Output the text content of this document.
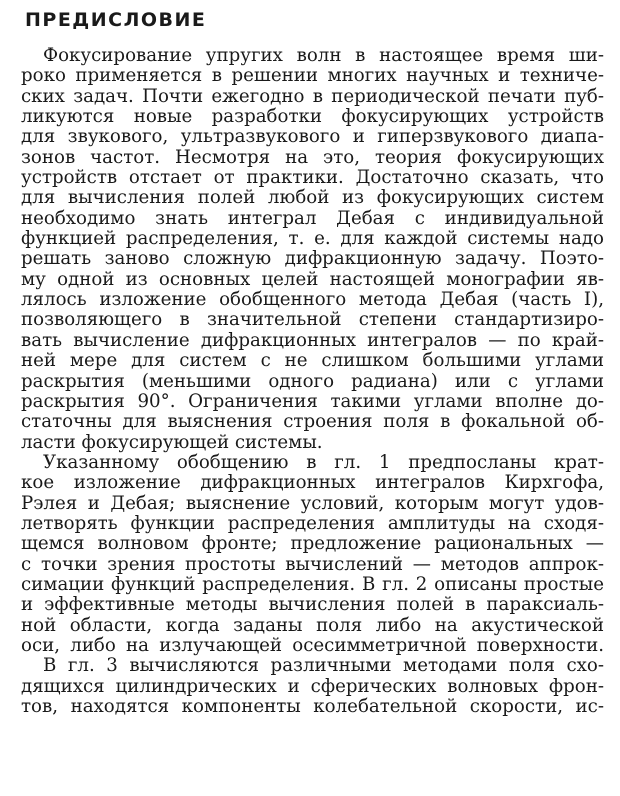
ПРЕДИСЛОВИЕ
Фокусирование упругих волн в настоящее время ши-
роко применяется в решении многих научных и техниче-
ских задач. Почти ежегодно в периодической печати пуб-
ликуются новые разработки фокусирующих устройств
для звукового, ультразвукового и гиперзвукового диапа-
зонов частот. Несмотря на это, теория фокусирующих
устройств отстает от практики. Достаточно сказать, что
для вычисления полей любой из фокусирующих систем
необходимо знать интеграл Дебая с индивидуальной
функцией распределения, т. е. для каждой системы надо
решать заново сложную дифракционную задачу. Поэто-
му одной из основных целей настоящей монографии яв-
лялось изложение обобщенного метода Дебая (часть I),
позволяющего в значительной степени стандартизиро-
вать вычисление дифракционных интегралов — по край-
ней мере для систем с не слишком большими углами
раскрытия (меньшими одного радиана) или с углами
раскрытия 90°. Ограничения такими углами вполне до-
статочны для выяснения строения поля в фокальной об-
ласти фокусирующей системы.
Указанному обобщению в гл. 1 предпосланы крат-
кое изложение дифракционных интегралов Кирхгофа,
Рэлея и Дебая; выяснение условий, которым могут удов-
летворять функции распределения амплитуды на сходя-
щемся волновом фронте; предложение рациональных —
с точки зрения простоты вычислений — методов аппрок-
симации функций распределения. В гл. 2 описаны простые
и эффективные методы вычисления полей в параксиаль-
ной области, когда заданы поля либо на акустической
оси, либо на излучающей осесимметричной поверхности.
В гл. 3 вычисляются различными методами поля схо-
дящихся цилиндрических и сферических волновых фрон-
тов, находятся компоненты колебательной скорости, ис-
